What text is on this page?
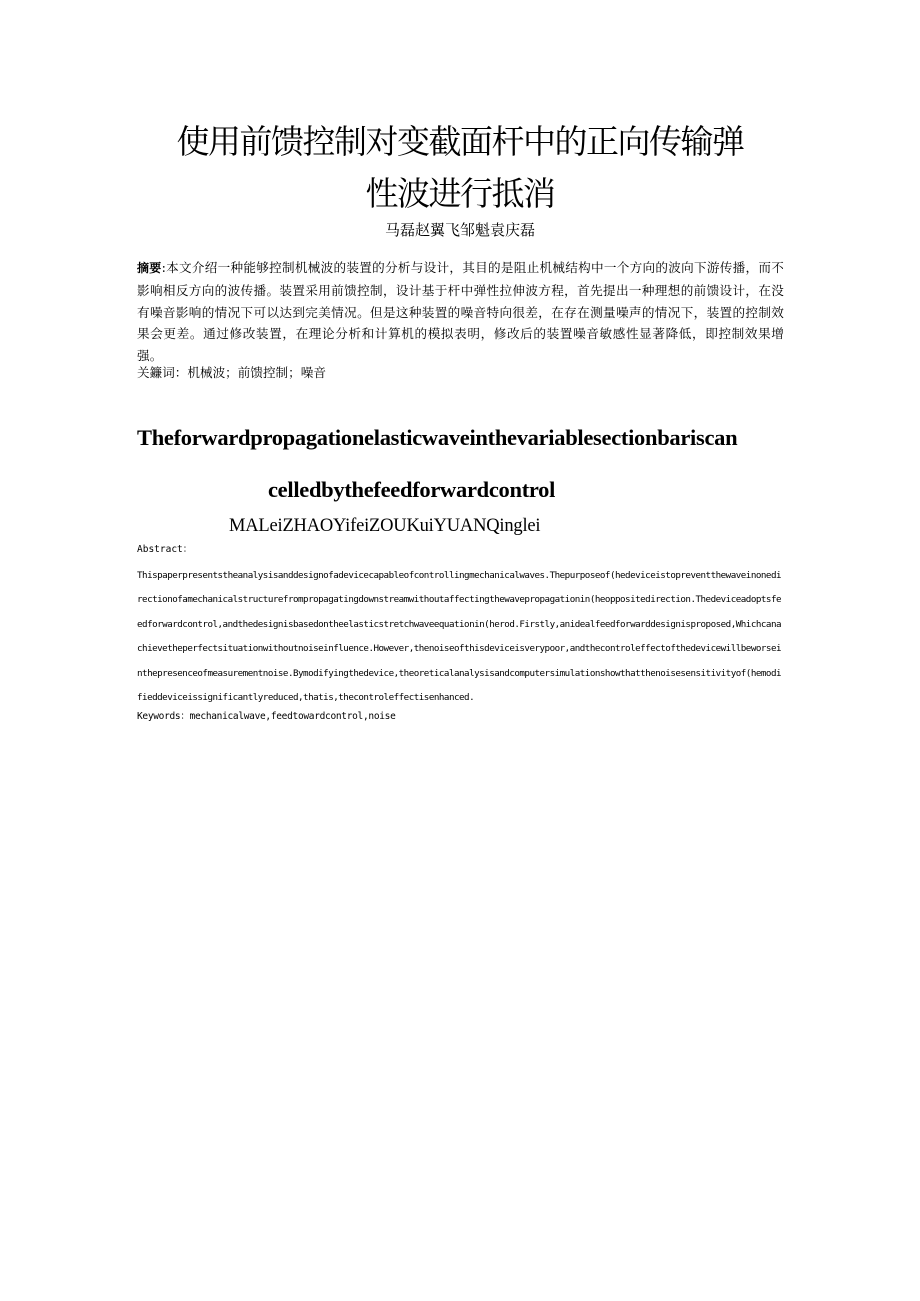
使用前馈控制对变截面杆中的正向传输弹
性波进行抵消

马磊赵翼飞邹魁袁庆磊

摘要:本文介绍一种能够控制机械波的装置的分析与设计，其目的是阻止机械结构中一个方向的波向下游传播，而不影响相反方向的波传播。装置采用前馈控制，设计基于杆中弹性拉伸波方程，首先提出一种理想的前馈设计，在没有噪音影响的情况下可以达到完美情况。但是这种装置的噪音特向很差，在存在测量噪声的情况下，装置的控制效果会更差。通过修改装置，在理论分析和计算机的模拟表明，修改后的装置噪音敏感性显著降低，即控制效果增强。

关鐮词：机械波；前馈控制；噪音

Theforwardpropagationelasticwaveinthevariablesectionbariscan
celledbythefeedforwardcontrol

MALeiZHAOYifeiZOUKuiYUANQinglei

Abstract：

Thispaperpresentstheanalysisanddesignofadevicecapableofcontrollingmechanicalwaves.Thepurposeof(hedeviceistopreventthewaveinonedirectionofamechanicalstructurefrompropagatingdownstreamwithoutaffectingthewavepropagationin(heoppositedirection.Thedeviceadoptsfeedforwardcontrol,andthedesignisbasedontheelasticstretchwaveequationin(herod.Firstly,anidealfeedforwarddesignisproposed,Whichcanachievetheperfectsituationwithoutnoiseinfluence.However,thenoiseofthisdeviceisverypoor,andthecontroleffectofthedevicewillbeworseinthepresenceofmeasurementnoise.Bymodifyingthedevice,theoreticalanalysisandcomputersimulationshowthatthenoisesensitivityof(hemodifieddeviceissignificantlyreduced,thatis,thecontroleffectisenhanced.

Keywords：mechanicalwave,feedtowardcontrol,noise
